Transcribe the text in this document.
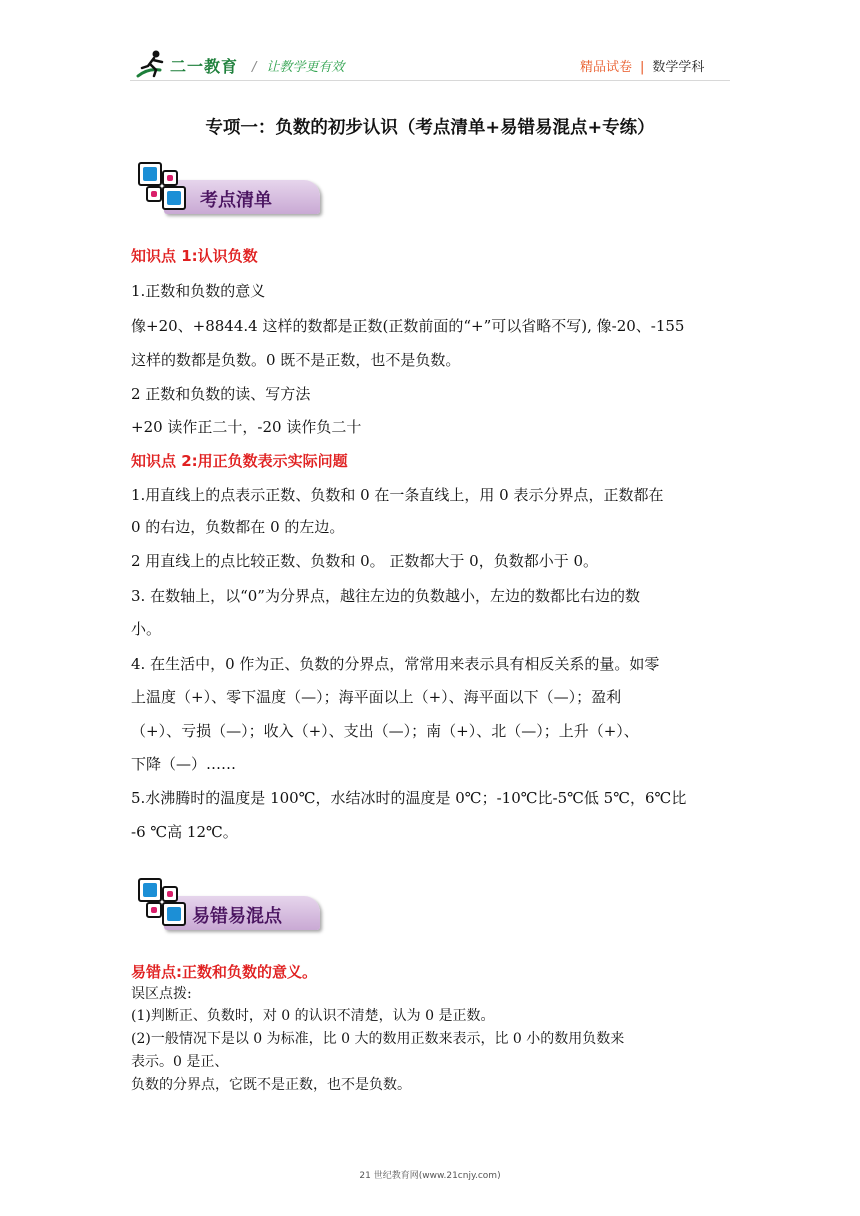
二一教育 / 让教学更有效	精品试卷 | 数学学科
专项一：负数的初步认识（考点清单+易错易混点+专练）
考点清单
知识点 1:认识负数
1.正数和负数的意义
像+20、+8844.4 这样的数都是正数(正数前面的“+”可以省略不写), 像-20、-155
这样的数都是负数。0 既不是正数，也不是负数。
2 正数和负数的读、写方法
+20 读作正二十，-20 读作负二十
知识点 2:用正负数表示实际问题
1.用直线上的点表示正数、负数和 0 在一条直线上，用 0 表示分界点，正数都在
0 的右边，负数都在 0 的左边。
2 用直线上的点比较正数、负数和 0。 正数都大于 0，负数都小于 0。
3. 在数轴上，以“0”为分界点，越往左边的负数越小，左边的数都比右边的数
小。
4. 在生活中，0 作为正、负数的分界点，常常用来表示具有相反关系的量。如零
上温度（+）、零下温度（—）；海平面以上（+）、海平面以下（—）；盈利
（+）、亏损（—）；收入（+）、支出（—）；南（+）、北（—）；上升（+）、
下降（—）……
5.水沸腾时的温度是 100℃，水结冰时的温度是 0℃；-10℃比-5℃低 5℃，6℃比
-6 ℃高 12℃。
易错易混点
易错点:正数和负数的意义。
误区点拨:
(1)判断正、负数时，对 0 的认识不清楚，认为 0 是正数。
(2)一般情况下是以 0 为标准，比 0 大的数用正数来表示，比 0 小的数用负数来
表示。0 是正、
负数的分界点，它既不是正数，也不是负数。
21 世纪教育网(www.21cnjy.com)
